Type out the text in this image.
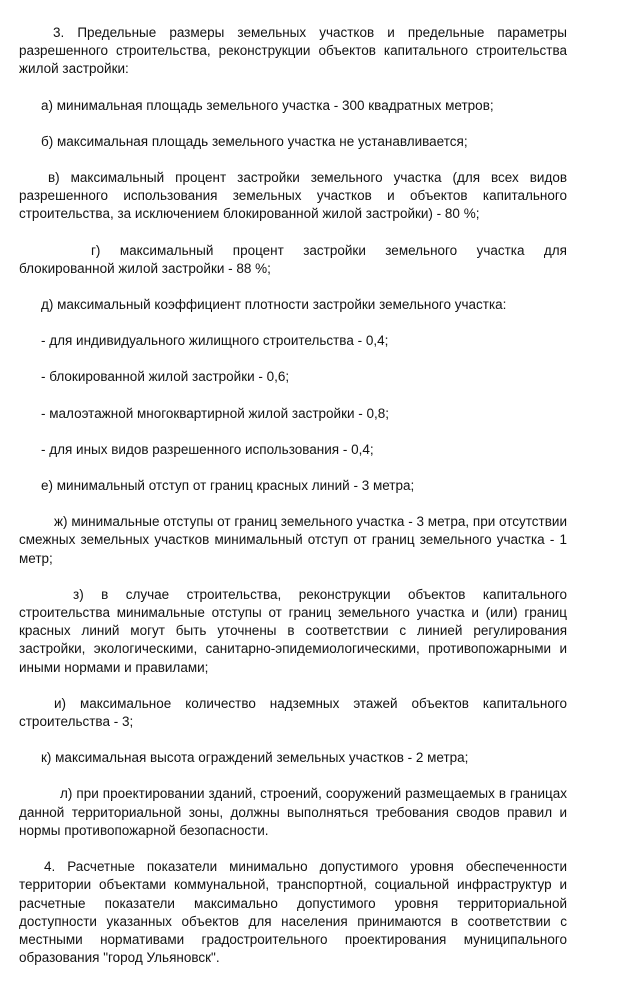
3. Предельные размеры земельных участков и предельные параметры разрешенного строительства, реконструкции объектов капитального строительства жилой застройки:

а) минимальная площадь земельного участка - 300 квадратных метров;

б) максимальная площадь земельного участка не устанавливается;

в) максимальный процент застройки земельного участка (для всех видов разрешенного использования земельных участков и объектов капитального строительства, за исключением блокированной жилой застройки) - 80 %;

г) максимальный процент застройки земельного участка для блокированной жилой застройки - 88 %;

д) максимальный коэффициент плотности застройки земельного участка:

- для индивидуального жилищного строительства - 0,4;

- блокированной жилой застройки - 0,6;

- малоэтажной многоквартирной жилой застройки - 0,8;

- для иных видов разрешенного использования - 0,4;

е) минимальный отступ от границ красных линий - 3 метра;

ж) минимальные отступы от границ земельного участка - 3 метра, при отсутствии смежных земельных участков минимальный отступ от границ земельного участка - 1 метр;

з) в случае строительства, реконструкции объектов капитального строительства минимальные отступы от границ земельного участка и (или) границ красных линий могут быть уточнены в соответствии с линией регулирования застройки, экологическими, санитарно-эпидемиологическими, противопожарными и иными нормами и правилами;

и) максимальное количество надземных этажей объектов капитального строительства - 3;

к) максимальная высота ограждений земельных участков - 2 метра;

л) при проектировании зданий, строений, сооружений размещаемых в границах данной территориальной зоны, должны выполняться требования сводов правил и нормы противопожарной безопасности.

4. Расчетные показатели минимально допустимого уровня обеспеченности территории объектами коммунальной, транспортной, социальной инфраструктур и расчетные показатели максимально допустимого уровня территориальной доступности указанных объектов для населения принимаются в соответствии с местными нормативами градостроительного проектирования муниципального образования "город Ульяновск".
